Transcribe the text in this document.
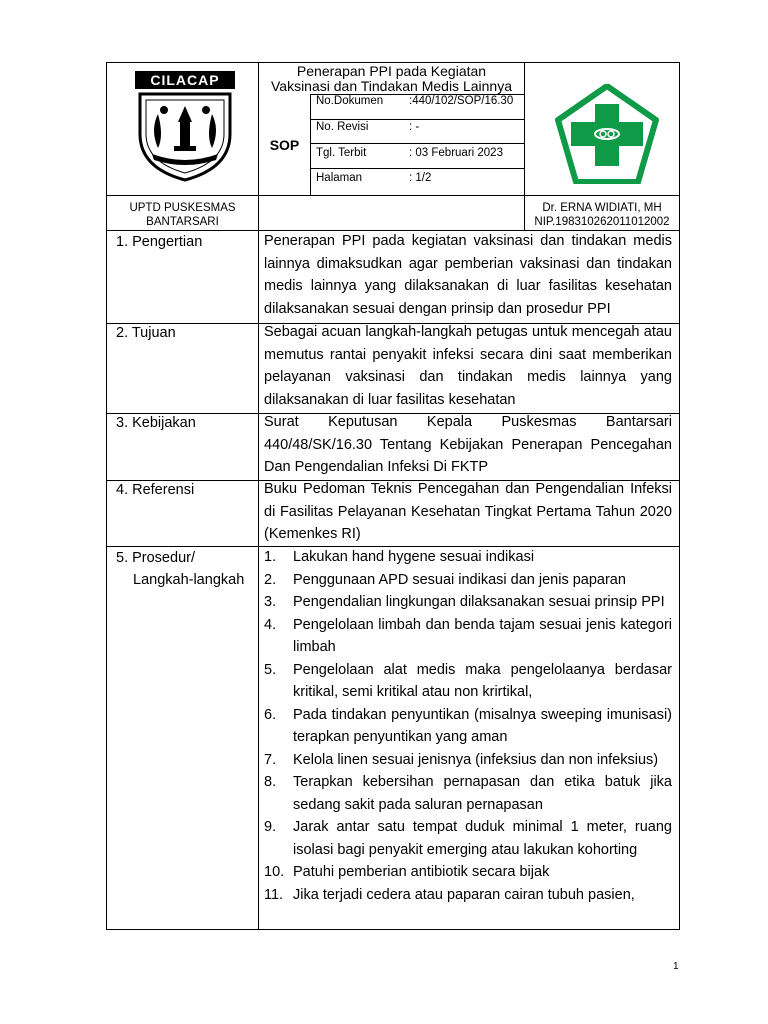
CILACAP
Penerapan PPI pada Kegiatan
Vaksinasi dan Tindakan Medis Lainnya
SOP
No.Dokumen :440/102/SOP/16.30
No. Revisi	: -
Tgl. Terbit	: 03 Februari 2023
Halaman	: 1/2
UPTD PUSKESMAS
BANTARSARI
Dr. ERNA WIDIATI, MH
NIP.198310262011012002
1. Pengertian	Penerapan PPI pada kegiatan vaksinasi dan tindakan medis lainnya dimaksudkan agar pemberian vaksinasi dan tindakan medis lainnya yang dilaksanakan di luar fasilitas kesehatan dilaksanakan sesuai dengan prinsip dan prosedur PPI
2. Tujuan	Sebagai acuan langkah-langkah petugas untuk mencegah atau memutus rantai penyakit infeksi secara dini saat memberikan pelayanan vaksinasi dan tindakan medis lainnya yang dilaksanakan di luar fasilitas kesehatan
3. Kebijakan	Surat Keputusan Kepala Puskesmas Bantarsari 440/48/SK/16.30 Tentang Kebijakan Penerapan Pencegahan Dan Pengendalian Infeksi Di FKTP
4. Referensi	Buku Pedoman Teknis Pencegahan dan Pengendalian Infeksi di Fasilitas Pelayanan Kesehatan Tingkat Pertama Tahun 2020 (Kemenkes RI)
5. Prosedur/
Langkah-langkah
1. Lakukan hand hygene sesuai indikasi
2. Penggunaan APD sesuai indikasi dan jenis paparan
3. Pengendalian lingkungan dilaksanakan sesuai prinsip PPI
4. Pengelolaan limbah dan benda tajam sesuai jenis kategori limbah
5. Pengelolaan alat medis maka pengelolaanya berdasar kritikal, semi kritikal atau non krirtikal,
6. Pada tindakan penyuntikan (misalnya sweeping imunisasi) terapkan penyuntikan yang aman
7. Kelola linen sesuai jenisnya (infeksius dan non infeksius)
8. Terapkan kebersihan pernapasan dan etika batuk jika sedang sakit pada saluran pernapasan
9. Jarak antar satu tempat duduk minimal 1 meter, ruang isolasi bagi penyakit emerging atau lakukan kohorting
10. Patuhi pemberian antibiotik secara bijak
11. Jika terjadi cedera atau paparan cairan tubuh pasien,
1
